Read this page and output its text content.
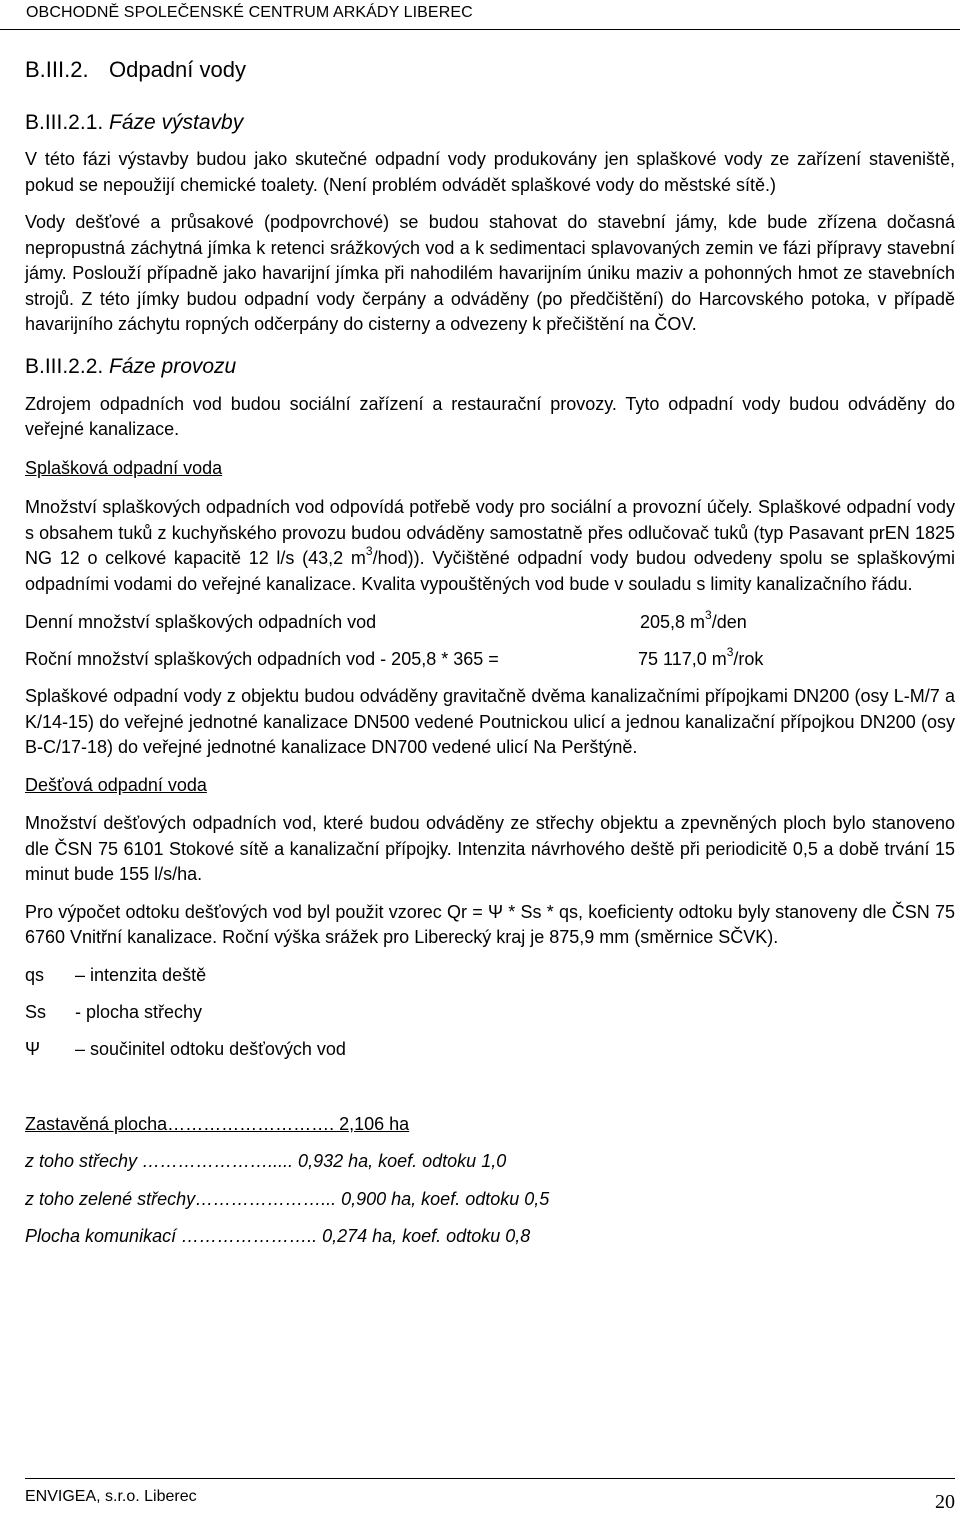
OBCHODNĚ SPOLEČENSKÉ CENTRUM ARKÁDY LIBEREC
B.III.2. Odpadní vody
B.III.2.1. Fáze výstavby

V této fázi výstavby budou jako skutečné odpadní vody produkovány jen splaškové vody ze zařízení staveniště, pokud se nepoužijí chemické toalety. (Není problém odvádět splaškové vody do městské sítě.)

Vody dešťové a průsakové (podpovrchové) se budou stahovat do stavební jámy, kde bude zřízena dočasná nepropustná záchytná jímka k retenci srážkových vod a k sedimentaci splavovaných zemin ve fázi přípravy stavební jámy. Poslouží případně jako havarijní jímka při nahodilém havarijním úniku maziv a pohonných hmot ze stavebních strojů. Z této jímky budou odpadní vody čerpány a odváděny (po předčištění) do Harcovského potoka, v případě havarijního záchytu ropných odčerpány do cisterny a odvezeny k přečištění na ČOV.

B.III.2.2. Fáze provozu

Zdrojem odpadních vod budou sociální zařízení a restaurační provozy. Tyto odpadní vody budou odváděny do veřejné kanalizace.

Splašková odpadní voda

Množství splaškových odpadních vod odpovídá potřebě vody pro sociální a provozní účely. Splaškové odpadní vody s obsahem tuků z kuchyňského provozu budou odváděny samostatně přes odlučovač tuků (typ Pasavant prEN 1825 NG 12 o celkové kapacitě 12 l/s (43,2 $m^3/hod$)). Vyčištěné odpadní vody budou odvedeny spolu se splaškovými odpadními vodami do veřejné kanalizace. Kvalita vypouštěných vod bude v souladu s limity kanalizačního řádu.

Denní množství splaškových odpadních vod	205,8 $m^3$/den
Roční množství splaškových odpadních vod - 205,8 * 365 =	75 117,0 $m^3$/rok

Splaškové odpadní vody z objektu budou odváděny gravitačně dvěma kanalizačními přípojkami DN200 (osy L-M/7 a K/14-15) do veřejné jednotné kanalizace DN500 vedené Poutnickou ulicí a jednou kanalizační přípojkou DN200 (osy B-C/17-18) do veřejné jednotné kanalizace DN700 vedené ulicí Na Perštýně.

Dešťová odpadní voda

Množství dešťových odpadních vod, které budou odváděny ze střechy objektu a zpevněných ploch bylo stanoveno dle ČSN 75 6101 Stokové sítě a kanalizační přípojky. Intenzita návrhového deště při periodicitě 0,5 a době trvání 15 minut bude 155 l/s/ha.

Pro výpočet odtoku dešťových vod byl použit vzorec Qr = Ψ * Ss * qs, koeficienty odtoku byly stanoveny dle ČSN 75 6760 Vnitřní kanalizace. Roční výška srážek pro Liberecký kraj je 875,9 mm (směrnice SČVK).

qs	– intenzita deště
Ss	- plocha střechy
Ψ	– součinitel odtoku dešťových vod

Zastavěná plocha………………………. 2,106 ha

z toho střechy …………………..... 0,932 ha, koef. odtoku 1,0

z toho zelené střechy…………………... 0,900 ha, koef. odtoku 0,5

Plocha komunikací ………………….. 0,274 ha, koef. odtoku 0,8

ENVIGEA, s.r.o. Liberec	20
